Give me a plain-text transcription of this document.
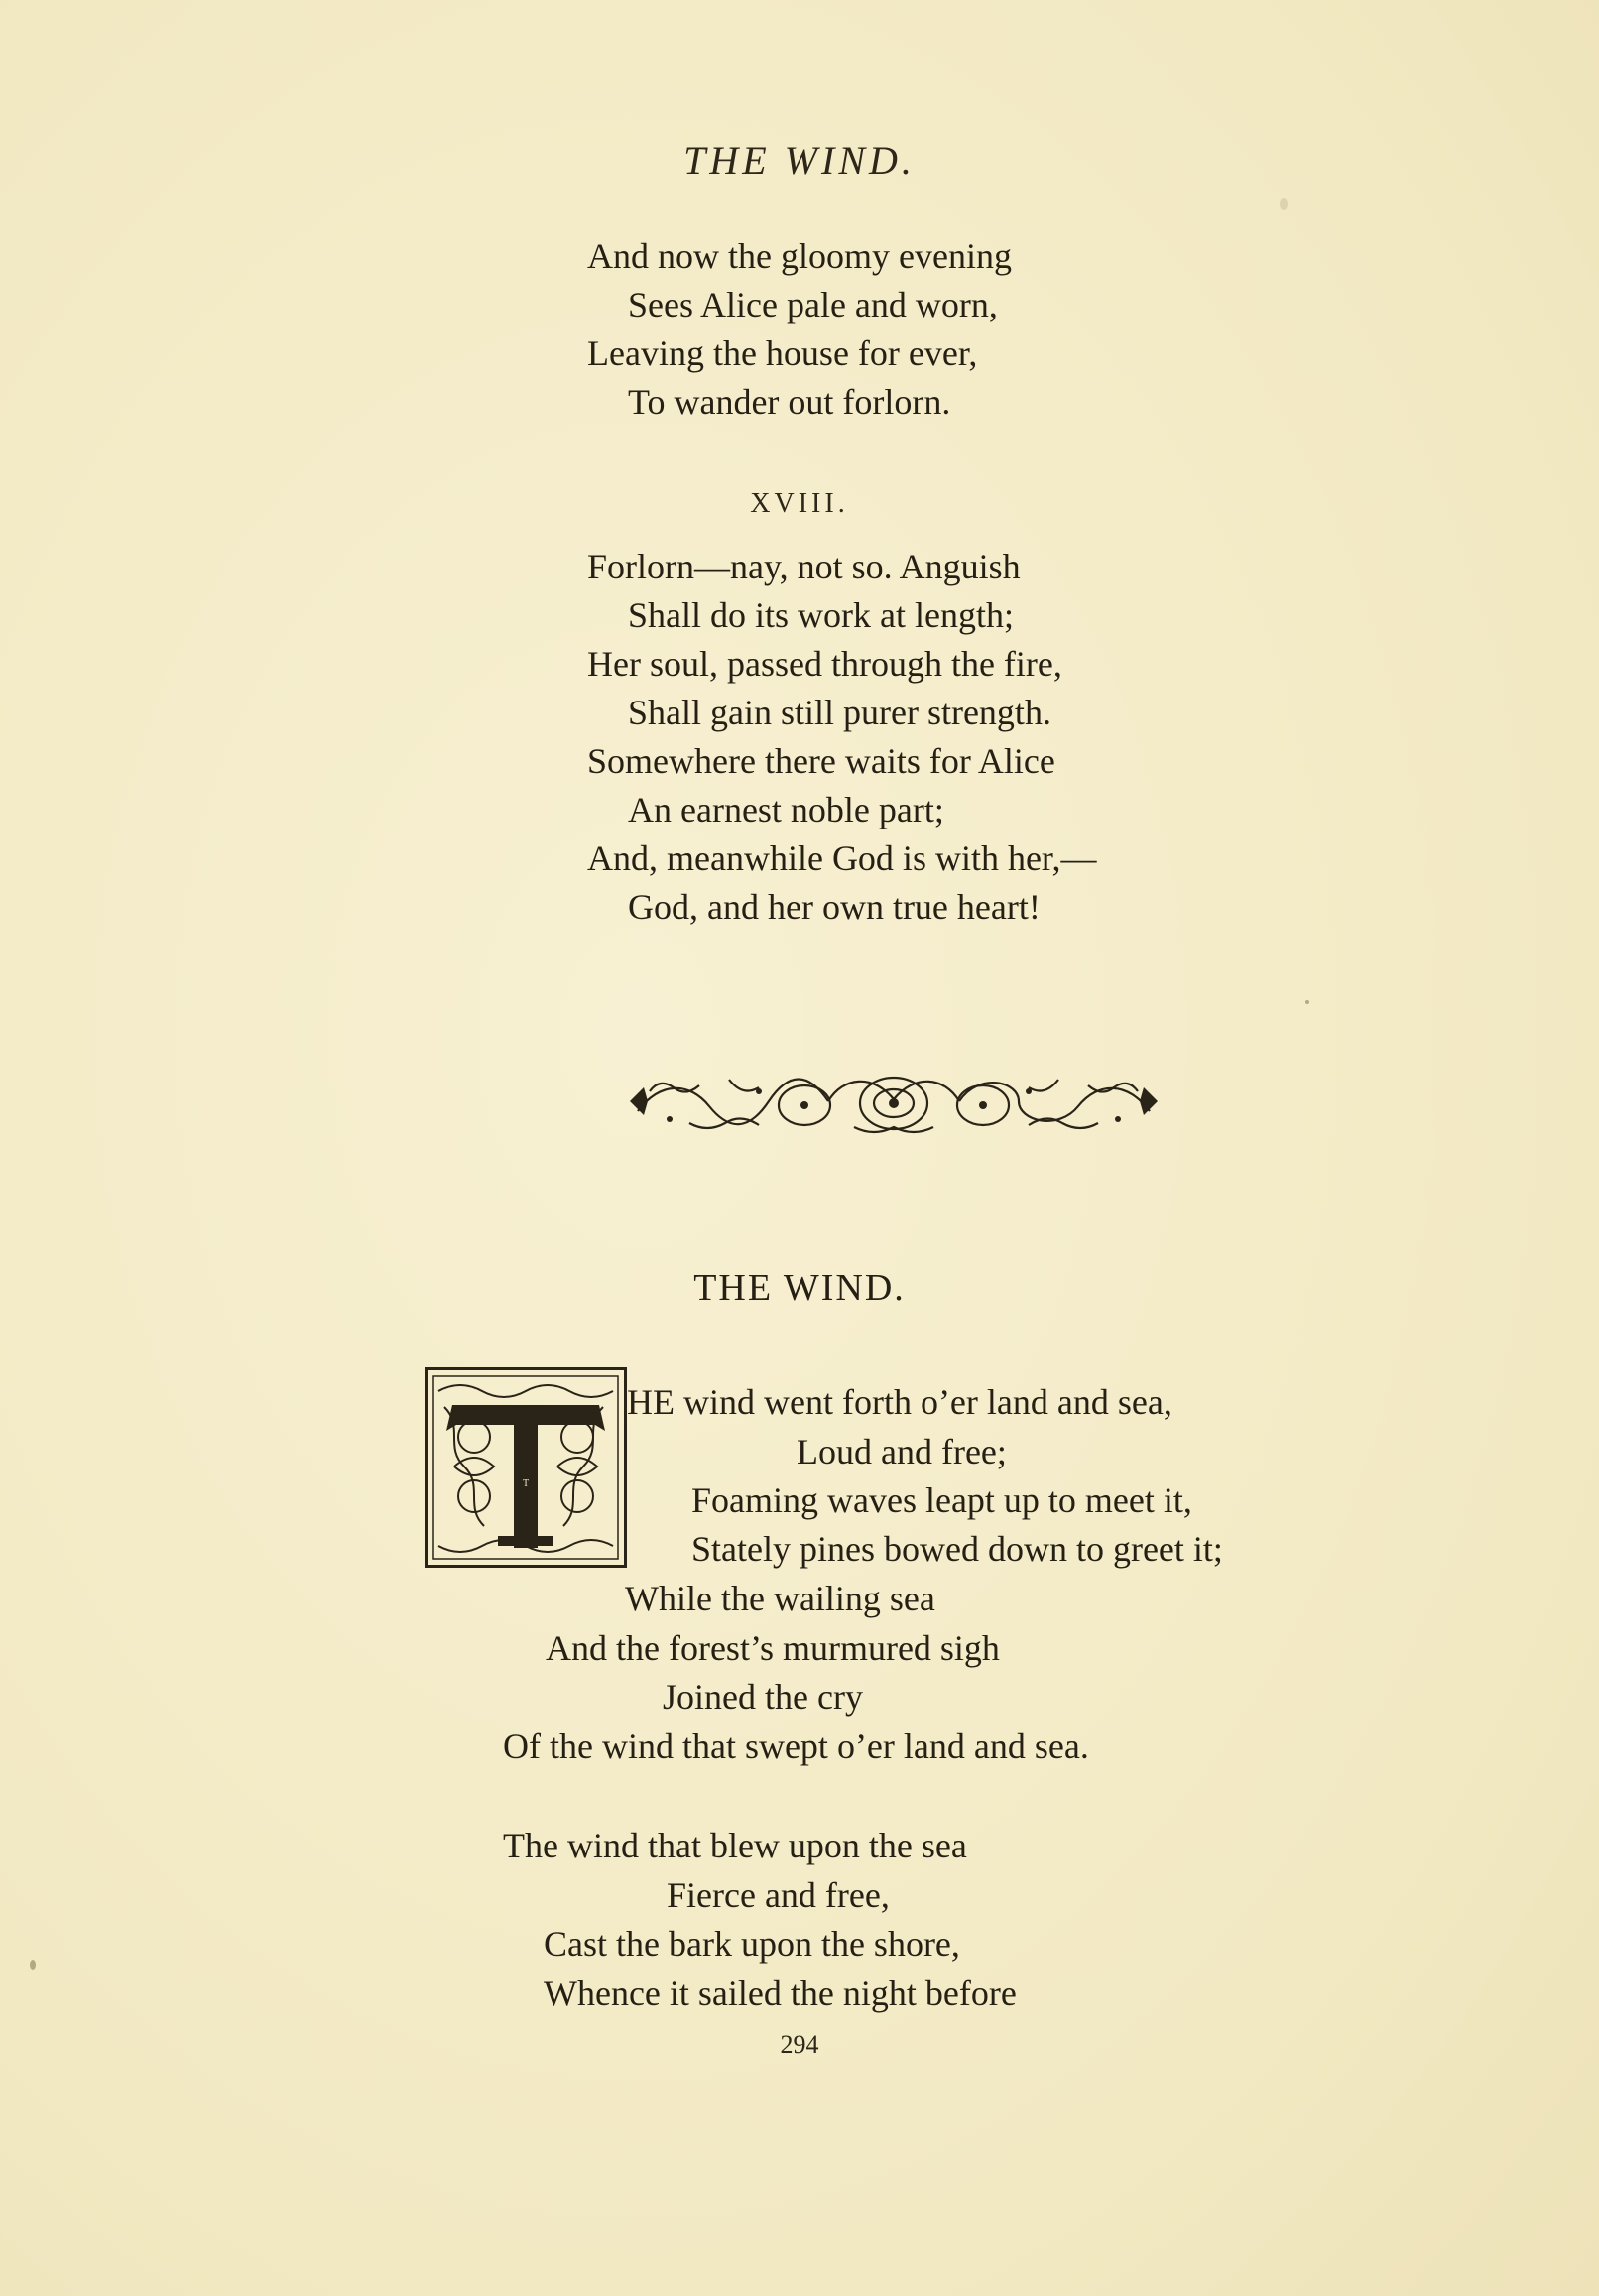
THE WIND.
And now the gloomy evening
Sees Alice pale and worn,
Leaving the house for ever,
To wander out forlorn.
XVIII.
Forlorn—nay, not so. Anguish
Shall do its work at length;
Her soul, passed through the fire,
Shall gain still purer strength.
Somewhere there waits for Alice
An earnest noble part;
And, meanwhile God is with her,—
God, and her own true heart!
THE WIND.
T
HE wind went forth o’er land and sea,
Loud and free;
Foaming waves leapt up to meet it,
Stately pines bowed down to greet it;
While the wailing sea
And the forest’s murmured sigh
Joined the cry
Of the wind that swept o’er land and sea.
The wind that blew upon the sea
Fierce and free,
Cast the bark upon the shore,
Whence it sailed the night before
294
